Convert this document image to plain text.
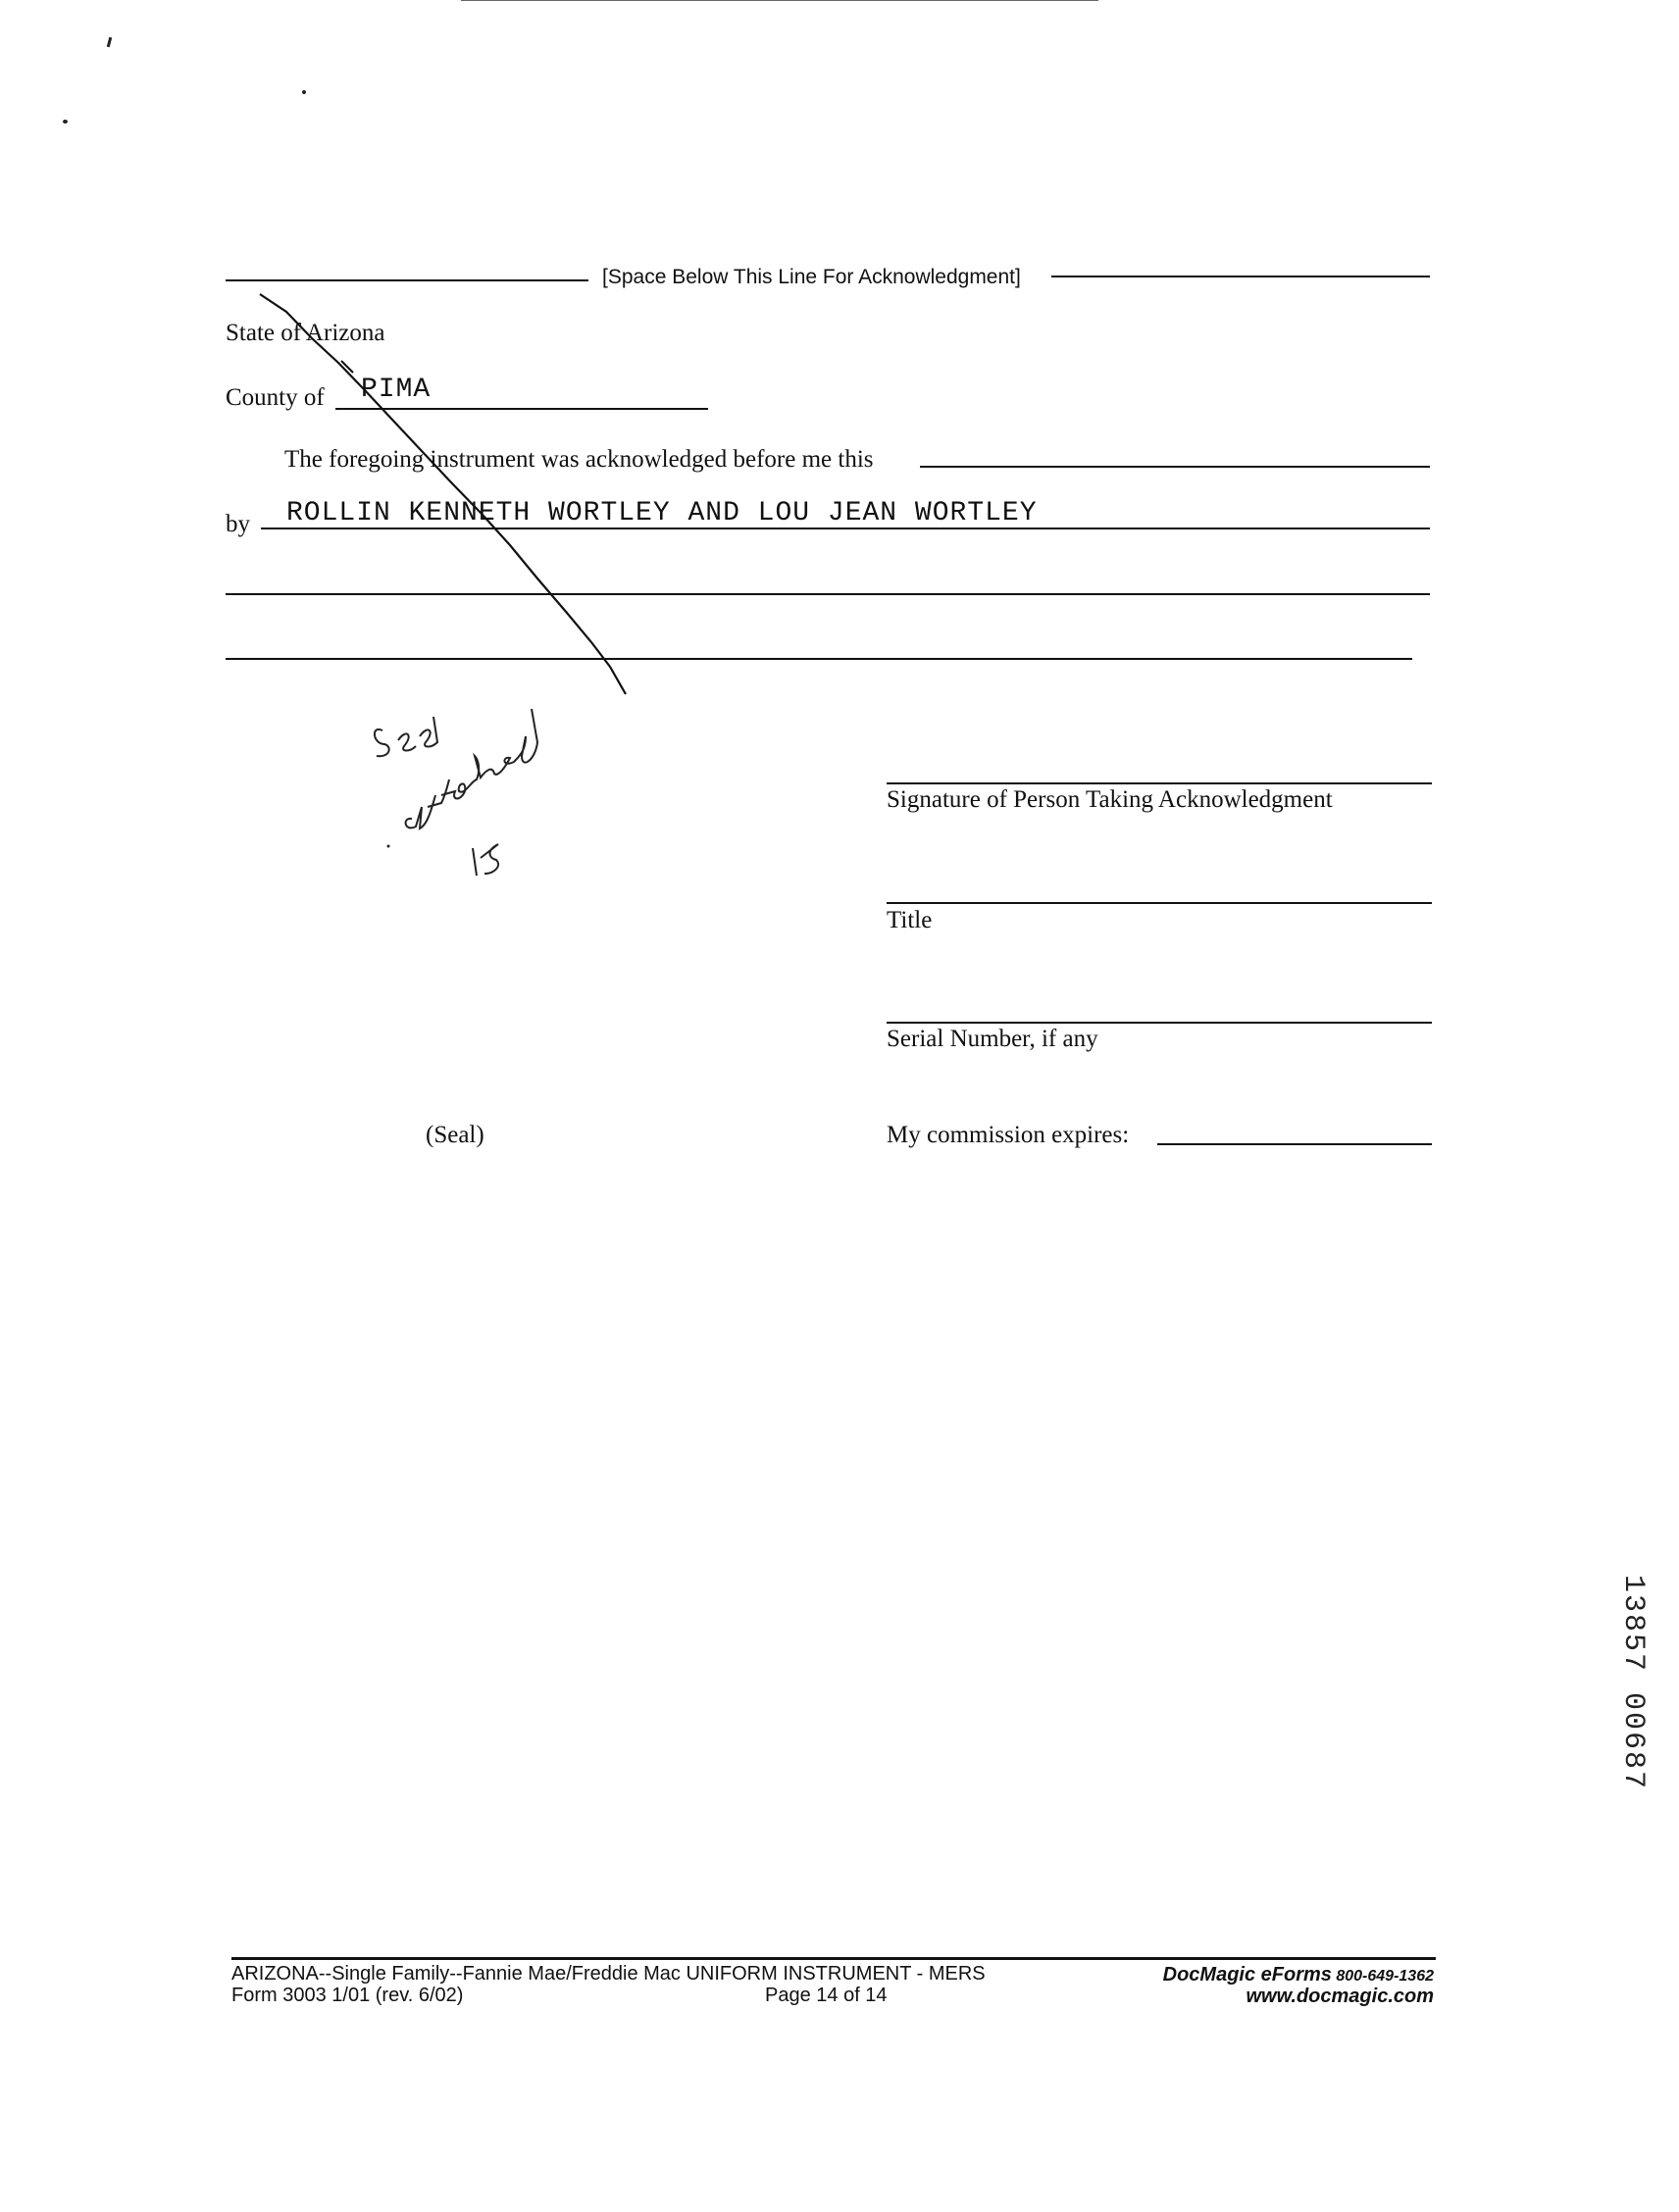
[Space Below This Line For Acknowledgment]
State of Arizona
County of PIMA
The foregoing instrument was acknowledged before me this
by ROLLIN KENNETH WORTLEY AND LOU JEAN WORTLEY
Signature of Person Taking Acknowledgment
Title
Serial Number, if any
(Seal)	My commission expires:
13857 00687
ARIZONA--Single Family--Fannie Mae/Freddie Mac UNIFORM INSTRUMENT - MERS
Form 3003 1/01 (rev. 6/02)	Page 14 of 14
DocMagic eForms 800-649-1362
www.docmagic.com
